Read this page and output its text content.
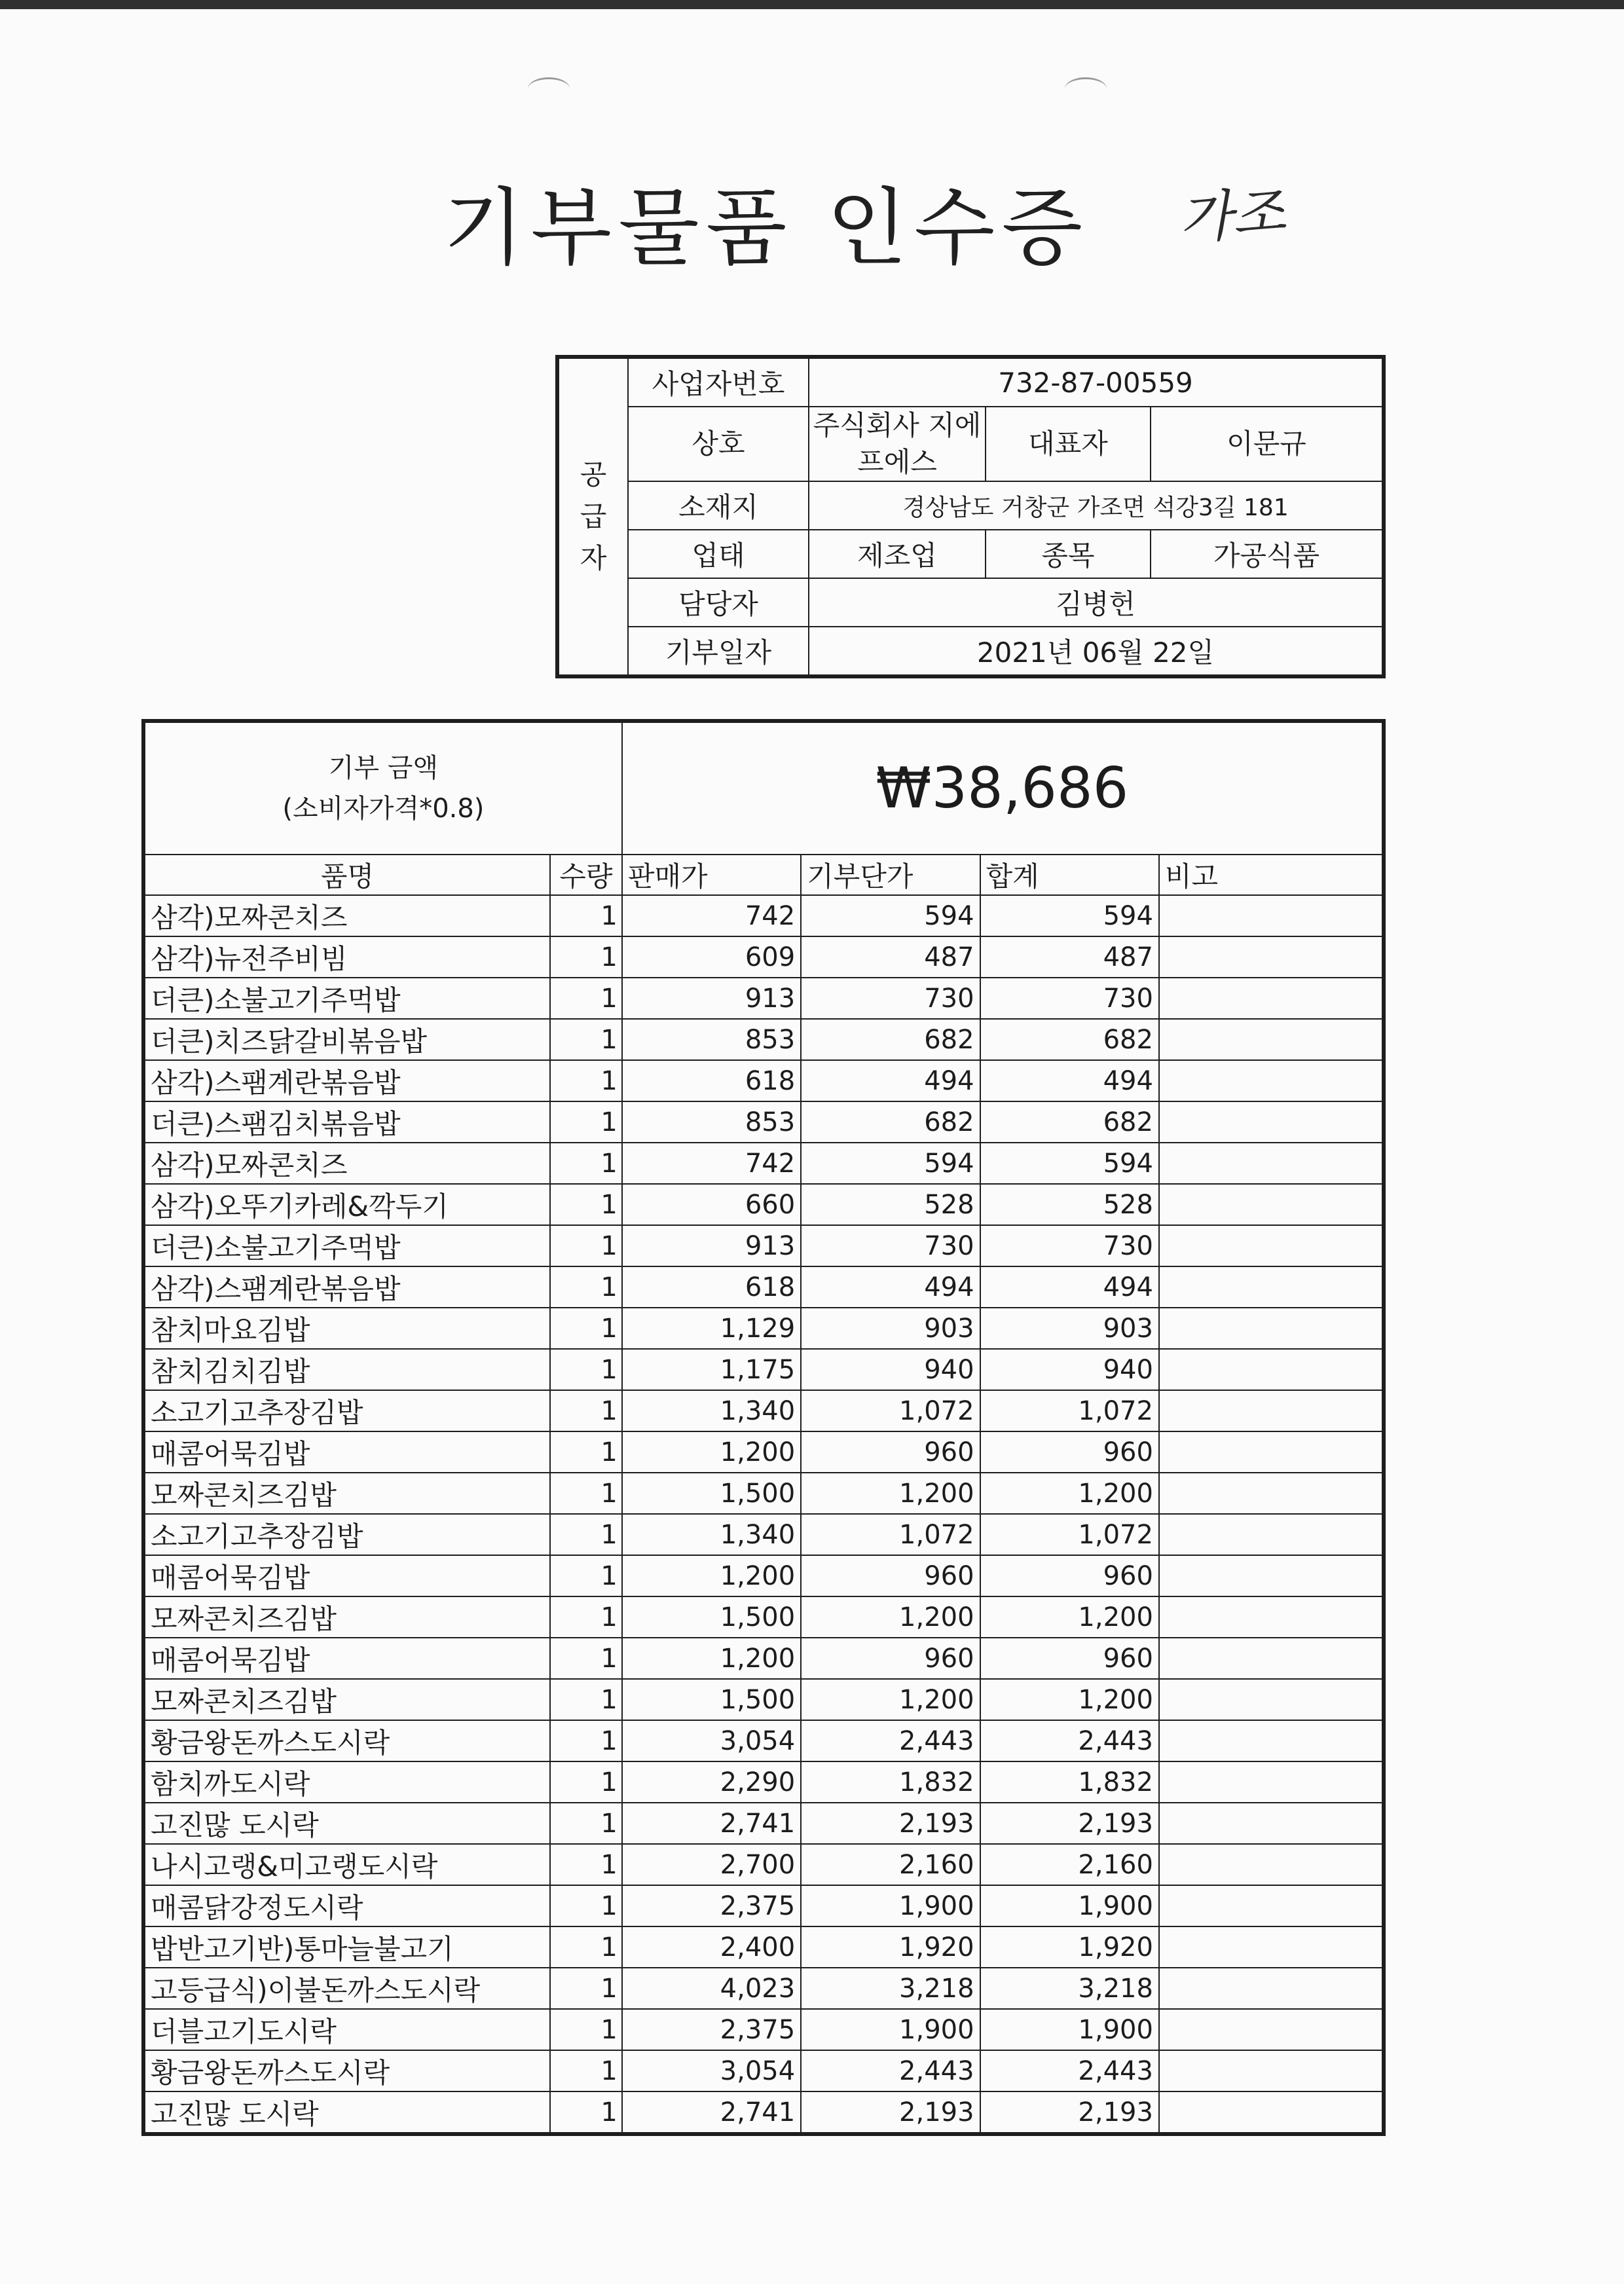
기부물품 인수증	가조
공
급
자	사업자번호	732-87-00559		
	상호	주식회사 지에프에스	대표자	이문규
	소재지	경상남도 거창군 가조면 석강3길 181		
	업태	제조업	종목	가공식품
	담당자	김병헌		
	기부일자	2021년 06월 22일		
기부 금액
(소비자가격*0.8)		₩38,686			
품명	수량	판매가	기부단가	합계	비고
삼각)모짜콘치즈	1	742	594	594	
삼각)뉴전주비빔	1	609	487	487	
더큰)소불고기주먹밥	1	913	730	730	
더큰)치즈닭갈비볶음밥	1	853	682	682	
삼각)스팸계란볶음밥	1	618	494	494	
더큰)스팸김치볶음밥	1	853	682	682	
삼각)모짜콘치즈	1	742	594	594	
삼각)오뚜기카레&깍두기	1	660	528	528	
더큰)소불고기주먹밥	1	913	730	730	
삼각)스팸계란볶음밥	1	618	494	494	
참치마요김밥	1	1,129	903	903	
참치김치김밥	1	1,175	940	940	
소고기고추장김밥	1	1,340	1,072	1,072	
매콤어묵김밥	1	1,200	960	960	
모짜콘치즈김밥	1	1,500	1,200	1,200	
소고기고추장김밥	1	1,340	1,072	1,072	
매콤어묵김밥	1	1,200	960	960	
모짜콘치즈김밥	1	1,500	1,200	1,200	
매콤어묵김밥	1	1,200	960	960	
모짜콘치즈김밥	1	1,500	1,200	1,200	
황금왕돈까스도시락	1	3,054	2,443	2,443	
함치까도시락	1	2,290	1,832	1,832	
고진많 도시락	1	2,741	2,193	2,193	
나시고랭&미고랭도시락	1	2,700	2,160	2,160	
매콤닭강정도시락	1	2,375	1,900	1,900	
밥반고기반)통마늘불고기	1	2,400	1,920	1,920	
고등급식)이불돈까스도시락	1	4,023	3,218	3,218	
더블고기도시락	1	2,375	1,900	1,900	
황금왕돈까스도시락	1	3,054	2,443	2,443	
고진많 도시락	1	2,741	2,193	2,193	
